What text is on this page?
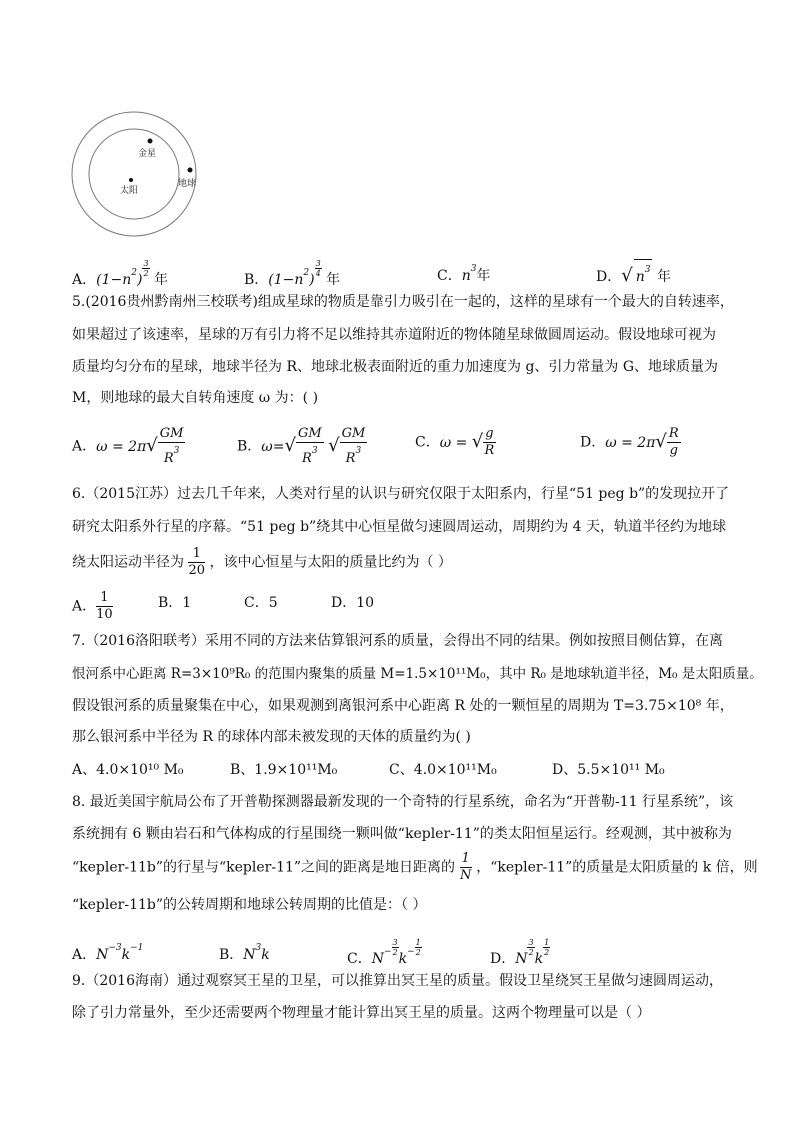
金星
太阳
地球
A．$(1-n^2)$
$\frac{3}{2}$
年	B．$(1-n^2)$
$\frac{3}{4}$
年	C．$n^3$年	D．√ $n^3$ 年
5.(2016贵州黔南州三校联考)组成星球的物质是靠引力吸引在一起的，这样的星球有一个最大的自转速率，
如果超过了该速率，星球的万有引力将不足以维持其赤道附近的物体随星球做圆周运动。假设地球可视为
质量均匀分布的星球，地球半径为 R、地球北极表面附近的重力加速度为 g、引力常量为 G、地球质量为
M，则地球的最大自转角速度 ω 为：( )
A．$\omega = 2\pi√ \frac{GM}{R^3}$	B．$\omega=√ \frac{GM}{R^3}$ √ $\frac{GM}{R^3}$	C．ω = √ $\frac{g}{R}$	D．$\omega = 2\pi√ \frac{R}{g}$
6.（2015江苏）过去几千年来，人类对行星的认识与研究仅限于太阳系内，行星“51 peg b”的发现拉开了
研究太阳系外行星的序幕。“51 peg b”绕其中心恒星做匀速圆周运动，周期约为 4 天，轨道半径约为地球
绕太阳运动半径为 $\frac{1}{20}$ ，该中心恒星与太阳的质量比约为（ ）
A． $\frac{1}{10}$	B．1	C．5	D．10
7.（2016洛阳联考）采用不同的方法来估算银河系的质量，会得出不同的结果。例如按照目侧估算，在离
恨河系中心距离 R=3×10⁹R₀ 的范围内聚集的质量 M=1.5×10¹¹M₀，其中 R₀ 是地球轨道半径，M₀ 是太阳质量。
假设银河系的质量聚集在中心，如果观测到离银河系中心距离 R 处的一颗恒星的周期为 T=3.75×10⁸ 年，
那么银河系中半径为 R 的球体内部未被发现的天体的质量约为( )
A、4.0×10¹⁰ M₀	B、1.9×10¹¹M₀	C、4.0×10¹¹M₀	D、5.5×10¹¹ M₀
8. 最近美国宇航局公布了开普勒探测器最新发现的一个奇特的行星系统，命名为“开普勒-11 行星系统”，该
系统拥有 6 颗由岩石和气体构成的行星围绕一颗叫做“kepler-11”的类太阳恒星运行。经观测，其中被称为
“kepler-11b”的行星与“kepler-11”之间的距离是地日距离的 $\frac{1}{N}$ ，“kepler-11”的质量是太阳质量的 k 倍，则
“kepler-11b”的公转周期和地球公转周期的比值是：（ ）
A．$N^{-3}k^{-1}$	B．$N^3k$	C．$N^- \frac{3}{2}$
$k^- \frac{1}{2}$
D．N
$\frac{3}{2}$
k
$\frac{1}{2}$
9.（2016海南）通过观察冥王星的卫星，可以推算出冥王星的质量。假设卫星绕冥王星做匀速圆周运动，
除了引力常量外，至少还需要两个物理量才能计算出冥王星的质量。这两个物理量可以是（ ）
